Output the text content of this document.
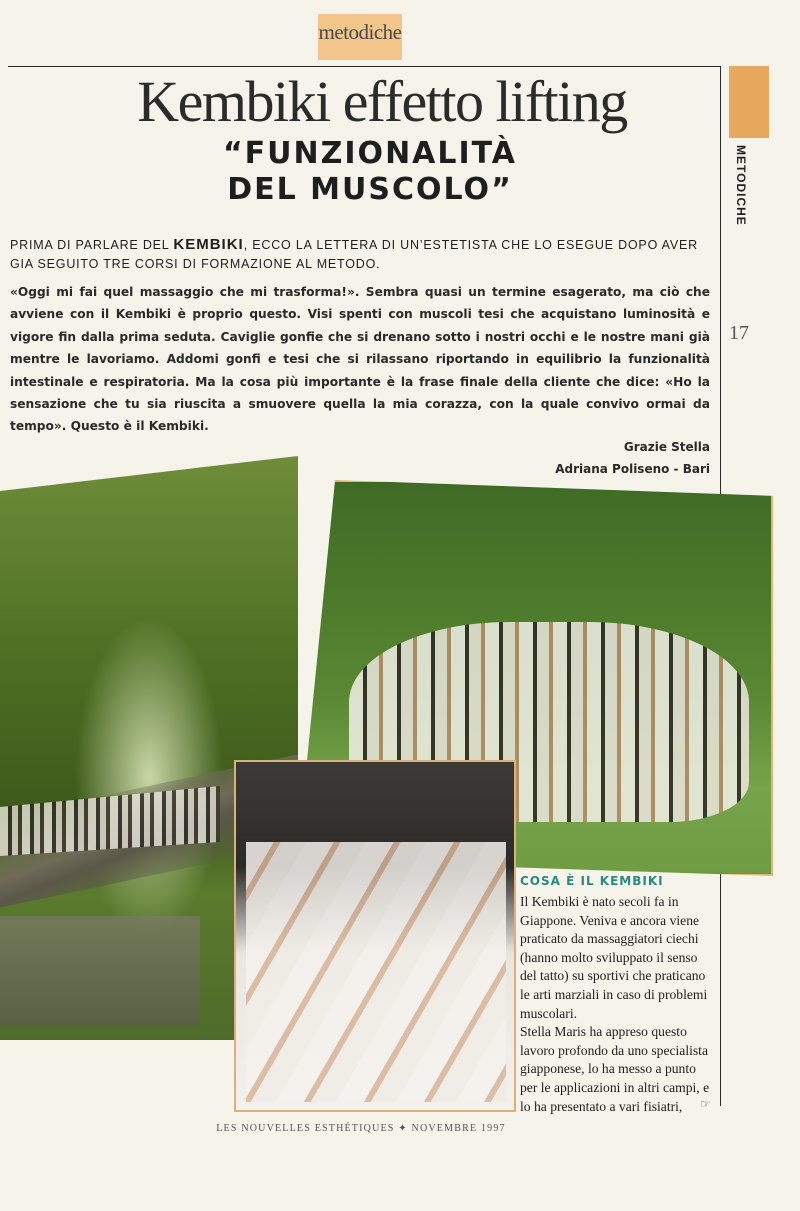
metodiche
METODICHE
17
Kembiki effetto lifting
“FUNZIONALITÀ
DEL MUSCOLO”
PRIMA DI PARLARE DEL KEMBIKI, ECCO LA LETTERA DI UN’ESTETISTA CHE LO ESEGUE DOPO AVER GIA SEGUITO TRE CORSI DI FORMAZIONE AL METODO.
«Oggi mi fai quel massaggio che mi trasforma!». Sembra quasi un termine esagerato, ma ciò che avviene con il Kembiki è proprio questo. Visi spenti con muscoli tesi che acquistano luminosità e vigore fin dalla prima seduta. Caviglie gonfie che si drenano sotto i nostri occhi e le nostre mani già mentre le lavoriamo. Addomi gonfi e tesi che si rilassano riportando in equilibrio la funzionalità intestinale e respiratoria. Ma la cosa più importante è la frase finale della cliente che dice: «Ho la sensazione che tu sia riuscita a smuovere quella la mia corazza, con la quale convivo ormai da tempo». Questo è il Kembiki.
Grazie Stella
Adriana Poliseno - Bari
COSA È IL KEMBIKI

Il Kembiki è nato secoli fa in Giappone. Veniva e ancora viene praticato da massaggiatori ciechi (hanno molto sviluppato il senso del tatto) su sportivi che praticano le arti marziali in caso di problemi muscolari.

Stella Maris ha appreso questo lavoro profondo da uno specialista giapponese, lo ha messo a punto per le applicazioni in altri campi, e lo ha presentato a vari fisiatri,	☞
LES NOUVELLES ESTHÉTIQUES ✦ NOVEMBRE 1997
